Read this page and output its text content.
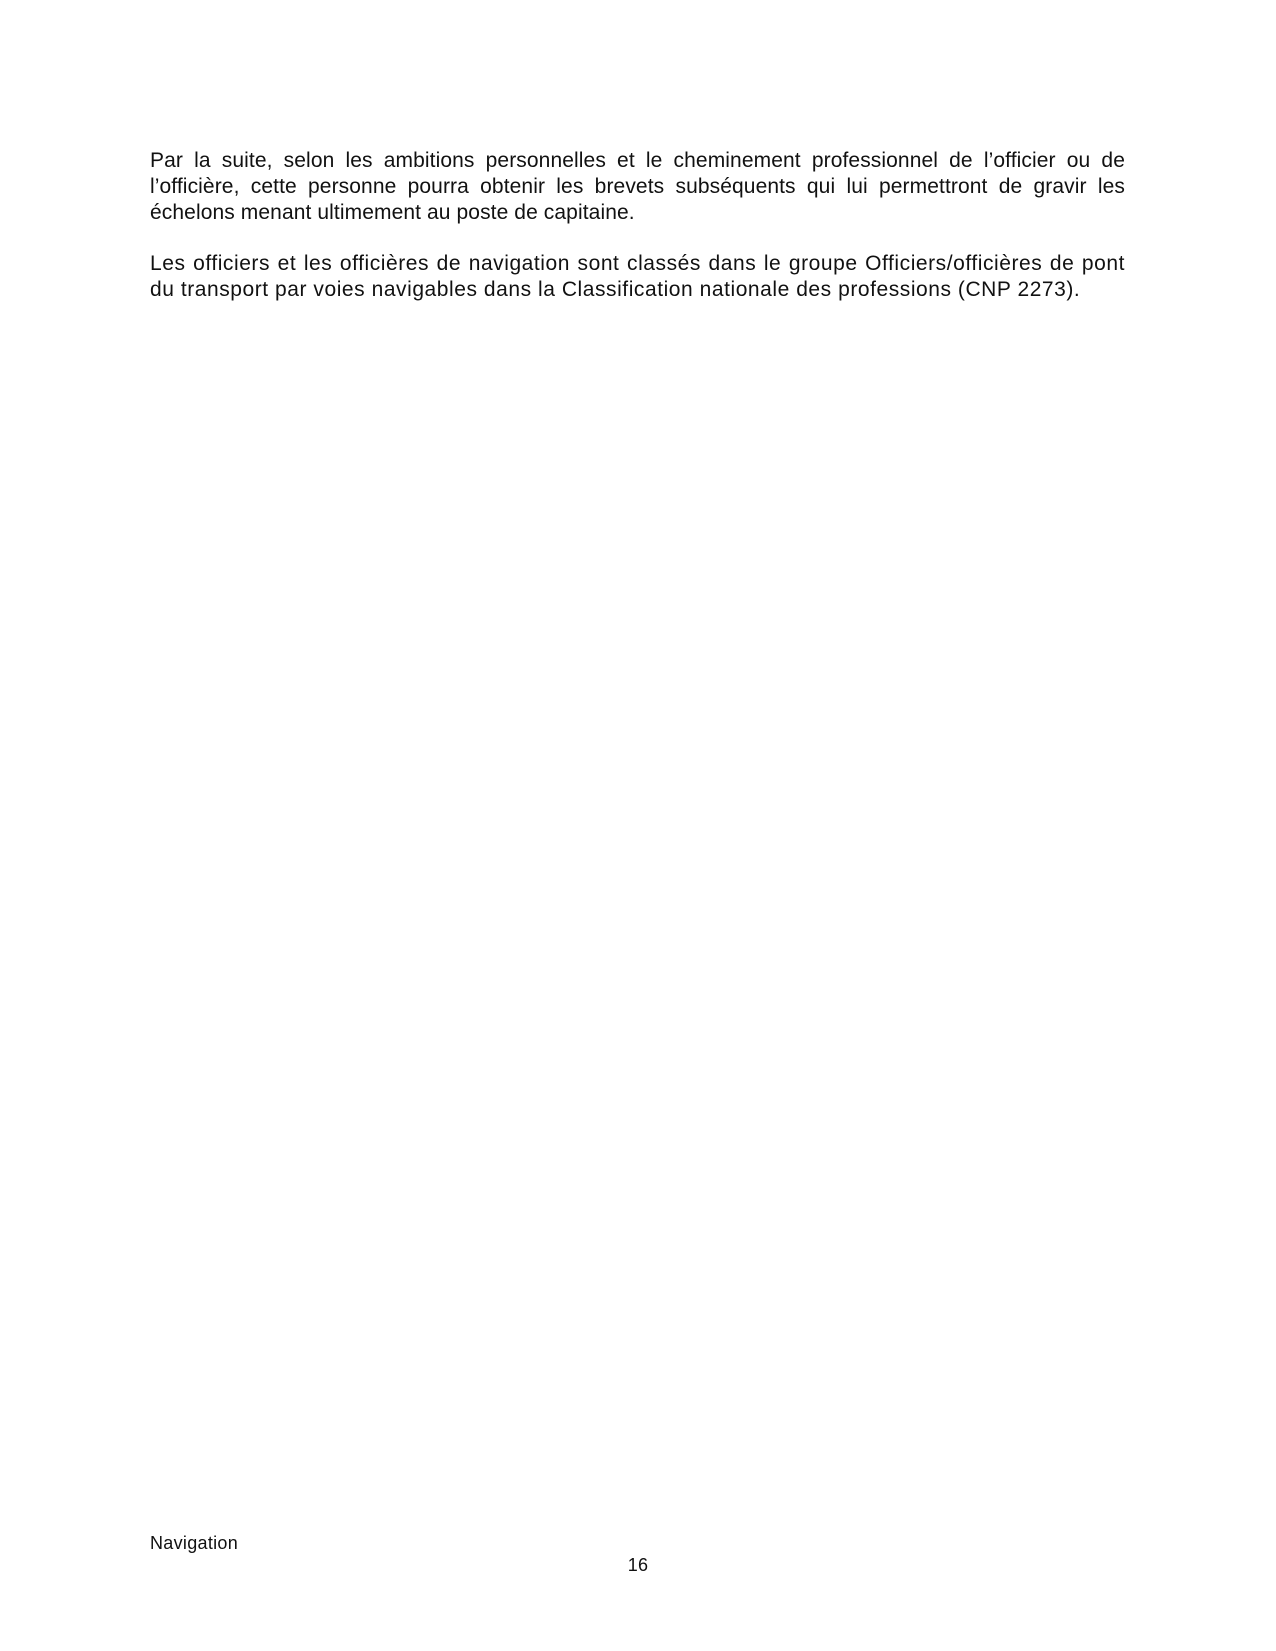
Par la suite, selon les ambitions personnelles et le cheminement professionnel de l’officier ou de l’officière, cette personne pourra obtenir les brevets subséquents qui lui permettront de gravir les échelons menant ultimement au poste de capitaine.

Les officiers et les officières de navigation sont classés dans le groupe Officiers/officières de pont du transport par voies navigables dans la Classification nationale des professions (CNP 2273).

Navigation
16
